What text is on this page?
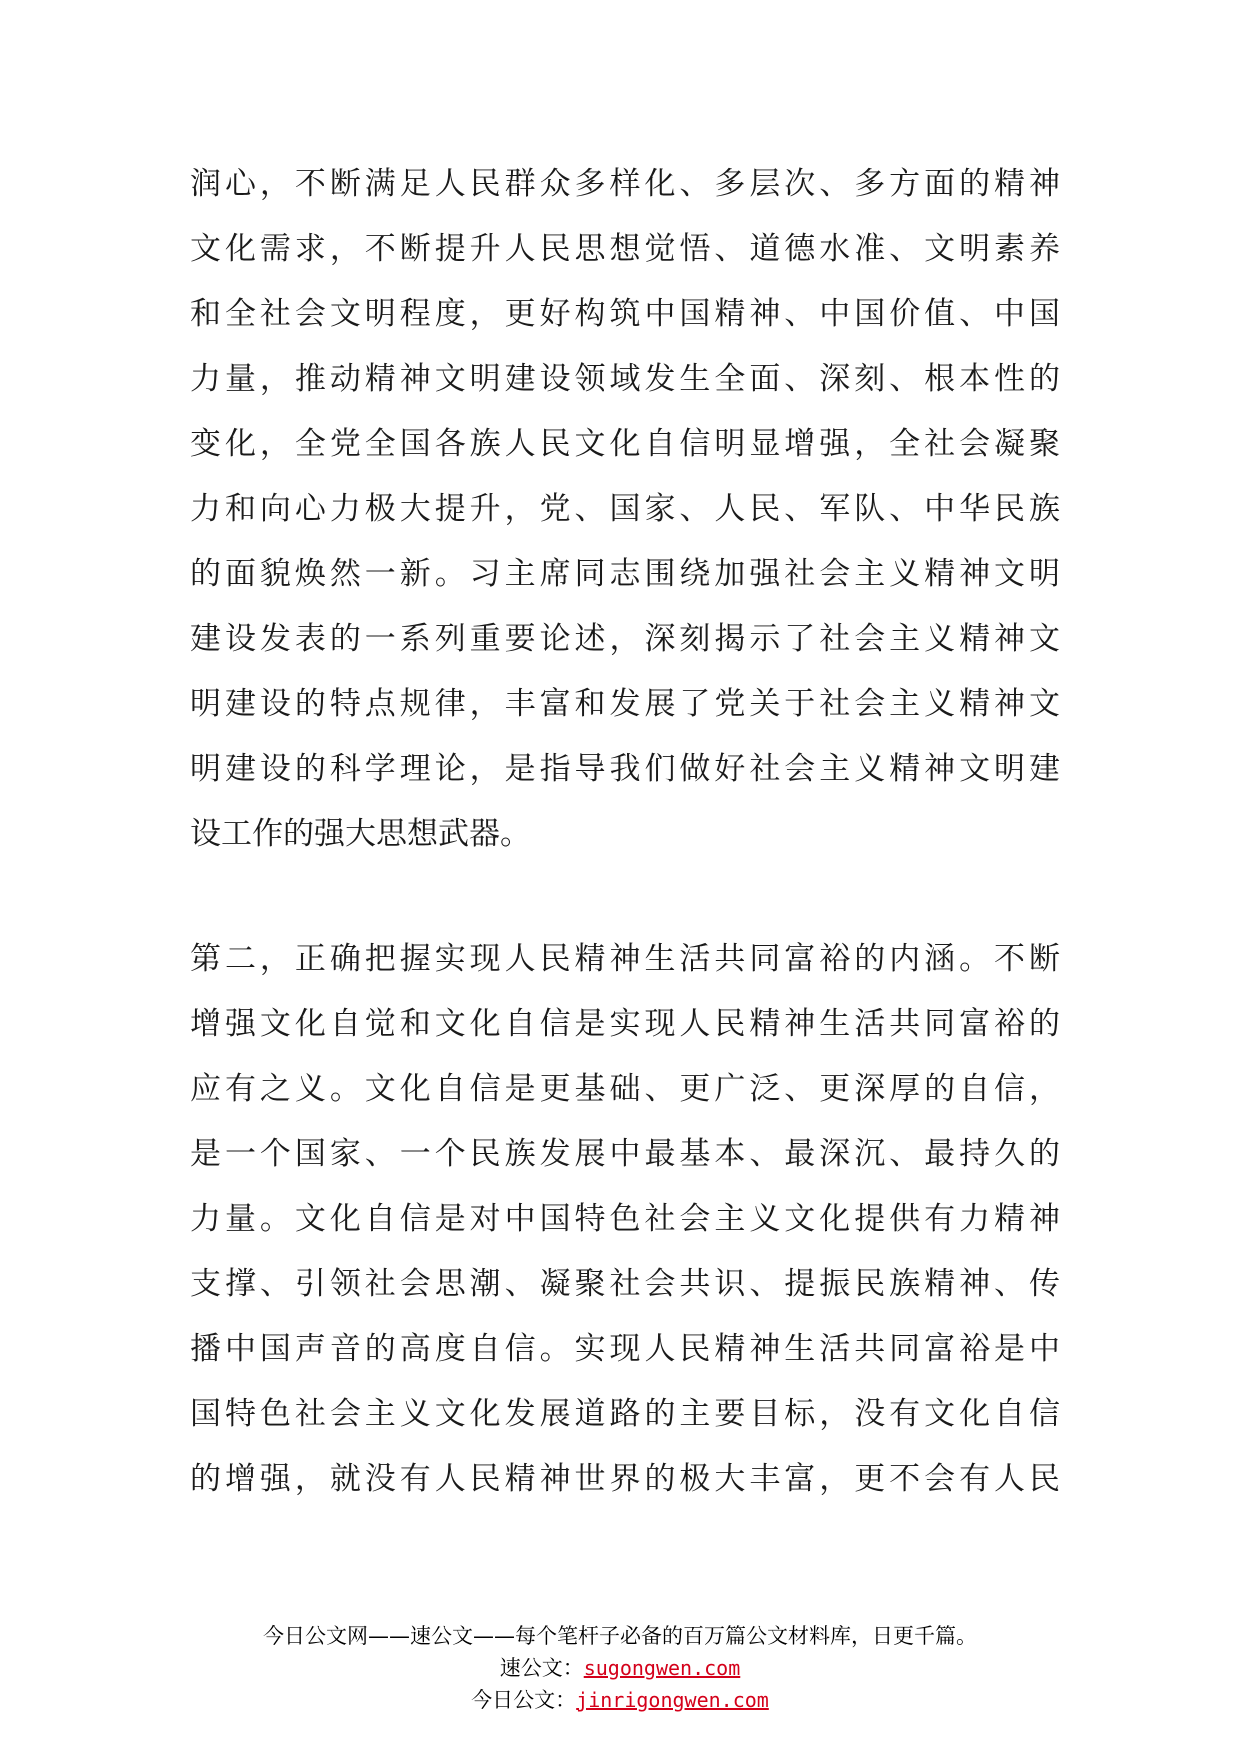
润心，不断满足人民群众多样化、多层次、多方面的精神
文化需求，不断提升人民思想觉悟、道德水准、文明素养
和全社会文明程度，更好构筑中国精神、中国价值、中国
力量，推动精神文明建设领域发生全面、深刻、根本性的
变化，全党全国各族人民文化自信明显增强，全社会凝聚
力和向心力极大提升，党、国家、人民、军队、中华民族
的面貌焕然一新。习主席同志围绕加强社会主义精神文明
建设发表的一系列重要论述，深刻揭示了社会主义精神文
明建设的特点规律，丰富和发展了党关于社会主义精神文
明建设的科学理论，是指导我们做好社会主义精神文明建
设工作的强大思想武器。
第二，正确把握实现人民精神生活共同富裕的内涵。不断
增强文化自觉和文化自信是实现人民精神生活共同富裕的
应有之义。文化自信是更基础、更广泛、更深厚的自信，
是一个国家、一个民族发展中最基本、最深沉、最持久的
力量。文化自信是对中国特色社会主义文化提供有力精神
支撑、引领社会思潮、凝聚社会共识、提振民族精神、传
播中国声音的高度自信。实现人民精神生活共同富裕是中
国特色社会主义文化发展道路的主要目标，没有文化自信
的增强，就没有人民精神世界的极大丰富，更不会有人民
今日公文网——速公文——每个笔杆子必备的百万篇公文材料库，日更千篇。
速公文：sugongwen.com
今日公文：jinrigongwen.com
